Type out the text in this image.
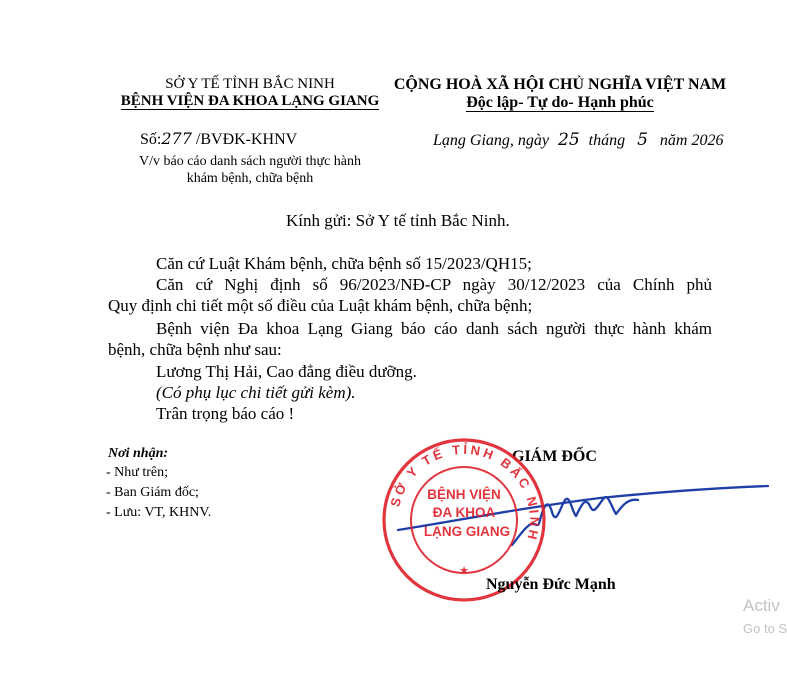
SỞ Y TẾ TỈNH BẮC NINH
BỆNH VIỆN ĐA KHOA LẠNG GIANG
Số:277 /BVĐK-KHNV
V/v báo cáo danh sách người thực hành
khám bệnh, chữa bệnh
CỘNG HOÀ XÃ HỘI CHỦ NGHĨA VIỆT NAM
Độc lập- Tự do- Hạnh phúc
Lạng Giang, ngày 25 tháng 5 năm 2026
Kính gửi: Sở Y tế tỉnh Bắc Ninh.
Căn cứ Luật Khám bệnh, chữa bệnh số 15/2023/QH15;
Căn cứ Nghị định số 96/2023/NĐ-CP ngày 30/12/2023 của Chính phủ
Quy định chi tiết một số điều của Luật khám bệnh, chữa bệnh;
Bệnh viện Đa khoa Lạng Giang báo cáo danh sách người thực hành khám
bệnh, chữa bệnh như sau:
Lương Thị Hải, Cao đẳng điều dưỡng.
(Có phụ lục chi tiết gửi kèm).
Trân trọng báo cáo !
Nơi nhận:
- Như trên;
- Ban Giám đốc;
- Lưu: VT, KHNV.
GIÁM ĐỐC
SỞ Y TẾ TỈNH BẮC NINH
★
BỆNH VIỆN
ĐA KHOA
LẠNG GIANG
Nguyễn Đức Mạnh
Activ
Go to S
